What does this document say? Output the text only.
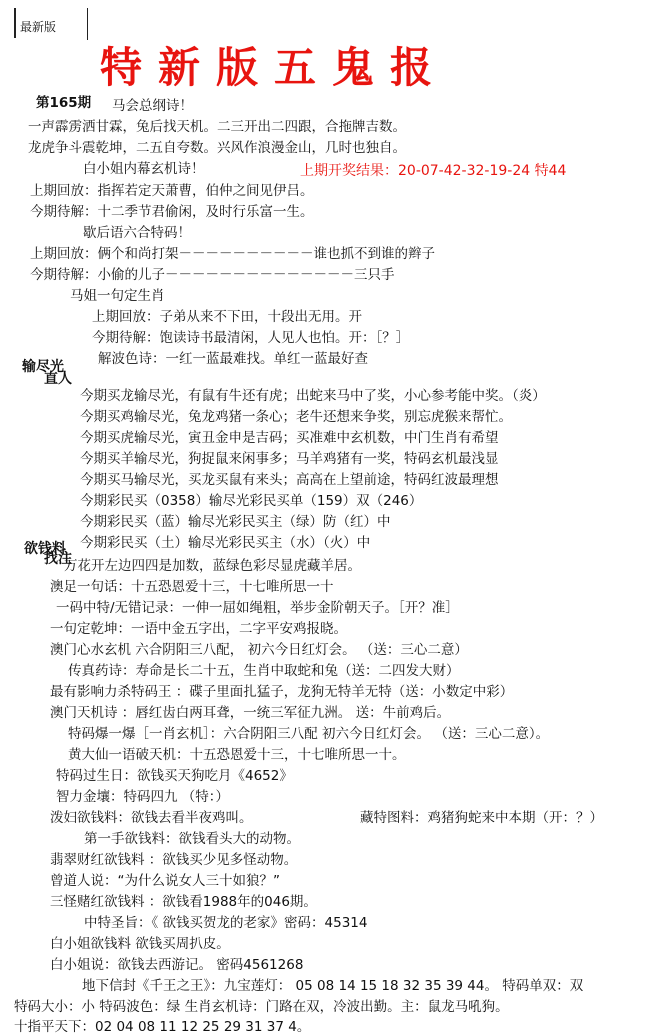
最新版
特新版五鬼报
第165期 马会总纲诗！
一声霹雳洒甘霖，兔后找天机。二三开出二四跟，合拖牌吉数。
龙虎争斗震乾坤，二五自夸数。兴风作浪漫金山，几时也独自。
白小姐内幕玄机诗！
上期回放：指挥若定天萧曹，伯仲之间见伊吕。
今期待解：十二季节君偷闲，及时行乐富一生。
歇后语六合特码！
上期回放：俩个和尚打架－－－－－－－－－－谁也抓不到谁的辫子
今期待解：小偷的儿子－－－－－－－－－－－－－－三只手
马姐一句定生肖
上期回放：子弟从来不下田，十段出无用。开
今期待解：饱读诗书最清闲，人见人也怕。开：［？］
解波色诗：一红一蓝最难找。单红一蓝最好查
今期买龙输尽光，有鼠有牛还有虎；出蛇来马中了奖，小心参考能中奖。（炎）
今期买鸡输尽光，兔龙鸡猪一条心；老牛还想来争奖，别忘虎猴来帮忙。
今期买虎输尽光，寅丑金申是吉码；买准难中玄机数，中门生肖有希望
今期买羊输尽光，狗捉鼠来闲事多；马羊鸡猪有一奖，特码玄机最浅显
今期买马输尽光，买龙买鼠有来头；高高在上望前途，特码红波最理想
今期彩民买（0358）输尽光彩民买单（159）双（246）
今期彩民买（蓝）输尽光彩民买主（绿）防（红）中
今期彩民买（土）输尽光彩民买主（水）（火）中
万花开左边四四是加数，蓝绿色彩尽显虎藏羊居。
澳足一句话：十五恐恩爱十三，十七唯所思一十
一码中特/无错记录：一伸一屈如绳粗，举步金阶朝天子。［开？准］
一句定乾坤：一语中金五字出，二字平安鸡报晓。
澳门心水玄机 六合阴阳三八配， 初六今日红灯会。 （送：三心二意）
传真药诗：寿命是长二十五，生肖中取蛇和兔（送：二四发大财）
最有影响力杀特码王 ：碟子里面扎猛子，龙狗无特羊无特（送：小数定中彩）
澳门天机诗 ：唇红齿白两耳聋，一统三军征九洲。 送：牛前鸡后。
特码爆一爆［一肖玄机］：六合阴阳三八配 初六今日红灯会。 （送：三心二意）。
黄大仙一语破天机：十五恐恩爱十三，十七唯所思一十。
特码过生日：欲钱买天狗吃月《4652》
智力金壤：特码四九 （特：）
泼妇欲钱料：欲钱去看半夜鸡叫。	藏特图料：鸡猪狗蛇来中本期（开：？）
第一手欲钱料：欲钱看头大的动物。
翡翠财红欲钱料 ：欲钱买少见多怪动物。
曾道人说：“为什么说女人三十如狼？”
三怪赌红欲钱料 ：欲钱看1988年的046期。
中特圣旨：《 欲钱买贺龙的老家》密码：45314
白小姐欲钱料 欲钱买周扒皮。
白小姐说：欲钱去西游记。 密码4561268
地下信封《千王之王》：九宝莲灯： 05 08 14 15 18 32 35 39 44。 特码单双：双
特码大小：小 特码波色：绿 生肖玄机诗：门路在双，冷波出勤。主：鼠龙马吼狗。
十指平天下：02 04 08 11 12 25 29 31 37 4。
输尽光
直人
欲钱料
找注
上期开奖结果：20-07-42-32-19-24 特44
